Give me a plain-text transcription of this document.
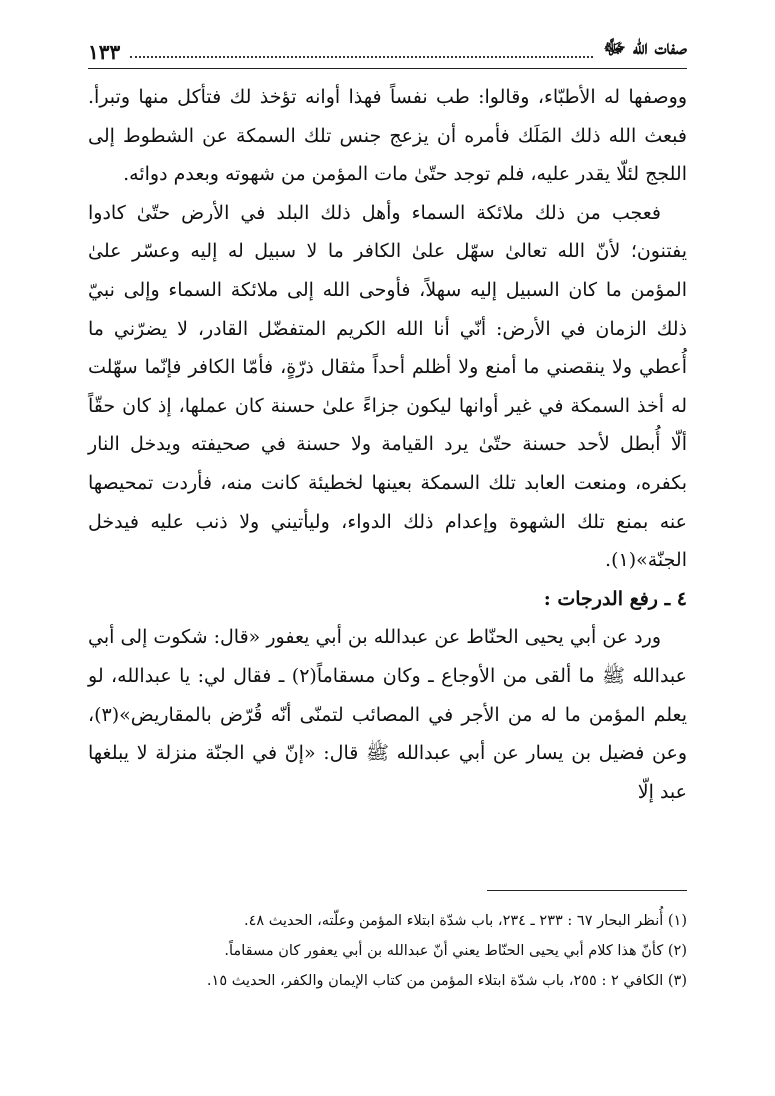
صفات الله ﷻ
١٣٣

ووصفها له الأطبّاء، وقالوا: طب نفساً فهذا أوانه تؤخذ لك فتأكل منها وتبرأ. فبعث الله ذلك المَلَك فأمره أن يزعج جنس تلك السمكة عن الشطوط إلى اللجج لئلّا يقدر عليه، فلم توجد حتّىٰ مات المؤمن من شهوته وبعدم دوائه.

فعجب من ذلك ملائكة السماء وأهل ذلك البلد في الأرض حتّىٰ كادوا يفتنون؛ لأنّ الله تعالىٰ سهّل علىٰ الكافر ما لا سبيل له إليه وعسّر علىٰ المؤمن ما كان السبيل إليه سهلاً، فأوحى الله إلى ملائكة السماء وإلى نبيّ ذلك الزمان في الأرض: أنّي أنا الله الكريم المتفضّل القادر، لا يضرّني ما أُعطي ولا ينقصني ما أمنع ولا أظلم أحداً مثقال ذرّةٍ، فأمّا الكافر فإنّما سهّلت له أخذ السمكة في غير أوانها ليكون جزاءً علىٰ حسنة كان عملها، إذ كان حقّاً ألّا أُبطل لأحد حسنة حتّىٰ يرد القيامة ولا حسنة في صحيفته ويدخل النار بكفره، ومنعت العابد تلك السمكة بعينها لخطيئة كانت منه، فأردت تمحيصها عنه بمنع تلك الشهوة وإعدام ذلك الدواء، وليأتيني ولا ذنب عليه فيدخل الجنّة»(١).

٤ ـ رفع الدرجات :

ورد عن أبي يحيى الحنّاط عن عبدالله بن أبي يعفور «قال: شكوت إلى أبي عبدالله ﷺ ما ألقى من الأوجاع ـ وكان مسقاماً(٢) ـ فقال لي: يا عبدالله، لو يعلم المؤمن ما له من الأجر في المصائب لتمنّى أنّه قُرّض بالمقاريض»(٣)، وعن فضيل بن يسار عن أبي عبدالله ﷺ قال: «إنّ في الجنّة منزلة لا يبلغها عبد إلّا

(١) أُنظر البحار ٦٧ : ٢٣٣ ـ ٢٣٤، باب شدّة ابتلاء المؤمن وعلّته، الحديث ٤٨.

(٢) كأنّ هذا كلام أبي يحيى الحنّاط يعني أنّ عبدالله بن أبي يعفور كان مسقاماً.

(٣) الكافي ٢ : ٢٥٥، باب شدّة ابتلاء المؤمن من كتاب الإيمان والكفر، الحديث ١٥.
